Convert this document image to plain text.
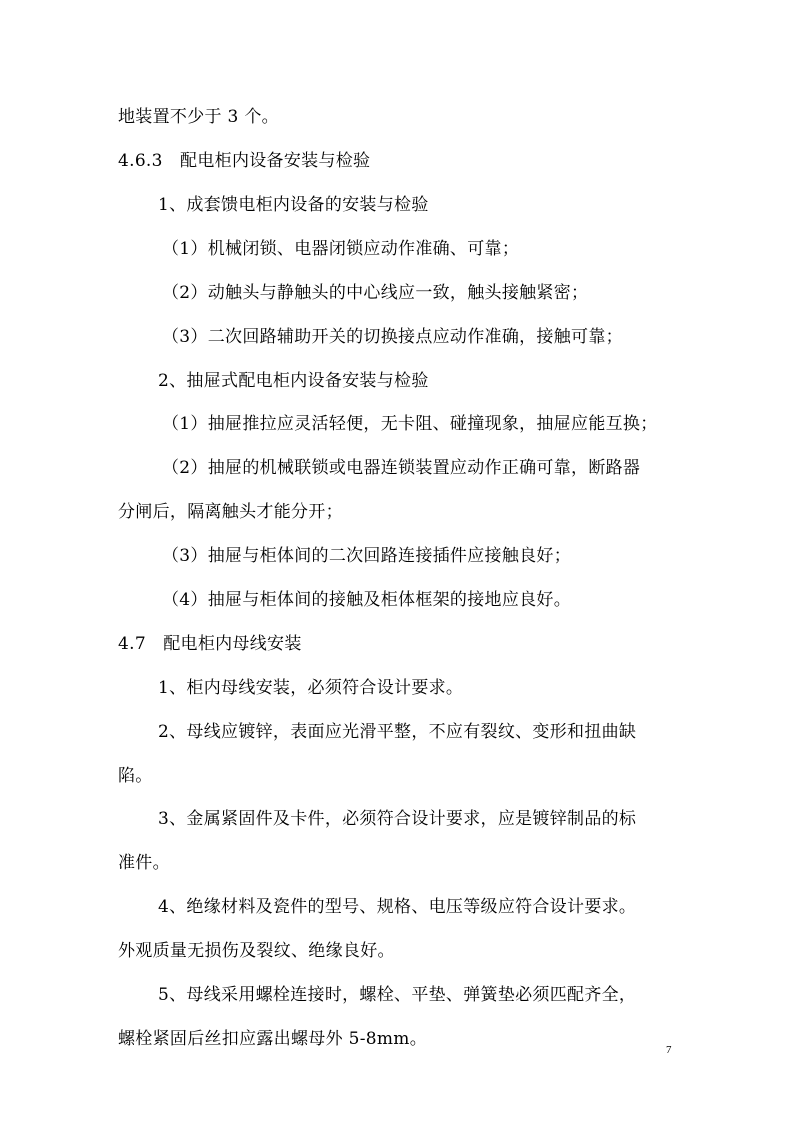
地装置不少于 3 个。
4.6.3　配电柜内设备安装与检验
1、成套馈电柜内设备的安装与检验
（1）机械闭锁、电器闭锁应动作准确、可靠；
（2）动触头与静触头的中心线应一致，触头接触紧密；
（3）二次回路辅助开关的切换接点应动作准确，接触可靠；
2、抽屉式配电柜内设备安装与检验
（1）抽屉推拉应灵活轻便，无卡阻、碰撞现象，抽屉应能互换；
（2）抽屉的机械联锁或电器连锁装置应动作正确可靠，断路器
分闸后，隔离触头才能分开；
（3）抽屉与柜体间的二次回路连接插件应接触良好；
（4）抽屉与柜体间的接触及柜体框架的接地应良好。
4.7　配电柜内母线安装
1、柜内母线安装，必须符合设计要求。
2、母线应镀锌，表面应光滑平整，不应有裂纹、变形和扭曲缺
陷。
3、金属紧固件及卡件，必须符合设计要求，应是镀锌制品的标
准件。
4、绝缘材料及瓷件的型号、规格、电压等级应符合设计要求。
外观质量无损伤及裂纹、绝缘良好。
5、母线采用螺栓连接时，螺栓、平垫、弹簧垫必须匹配齐全，
螺栓紧固后丝扣应露出螺母外 5-8mm。
7
